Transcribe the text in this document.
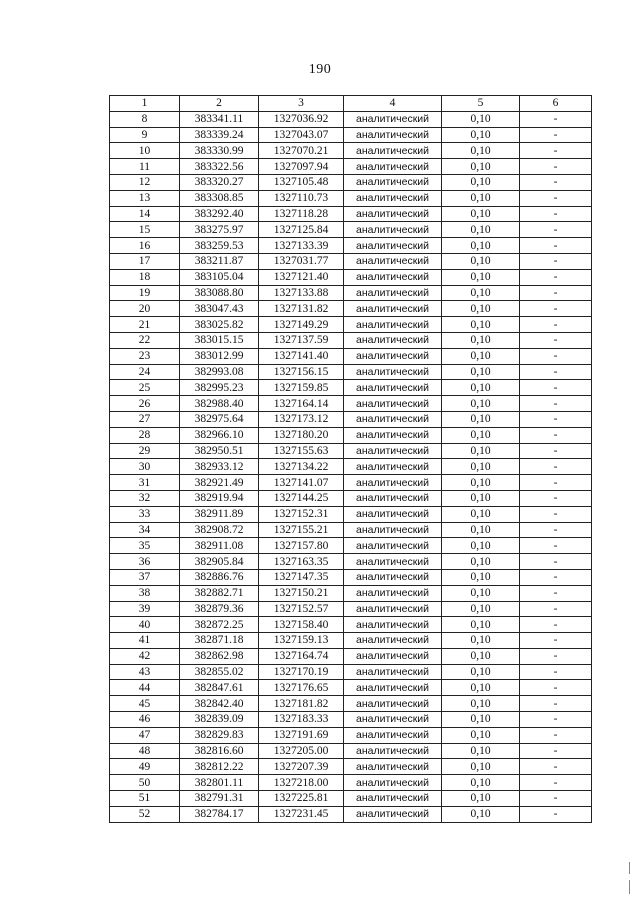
190
1	2	3	4	5	6
8	383341.11	1327036.92	аналитический	0,10	-
9	383339.24	1327043.07	аналитический	0,10	-
10	383330.99	1327070.21	аналитический	0,10	-
11	383322.56	1327097.94	аналитический	0,10	-
12	383320.27	1327105.48	аналитический	0,10	-
13	383308.85	1327110.73	аналитический	0,10	-
14	383292.40	1327118.28	аналитический	0,10	-
15	383275.97	1327125.84	аналитический	0,10	-
16	383259.53	1327133.39	аналитический	0,10	-
17	383211.87	1327031.77	аналитический	0,10	-
18	383105.04	1327121.40	аналитический	0,10	-
19	383088.80	1327133.88	аналитический	0,10	-
20	383047.43	1327131.82	аналитический	0,10	-
21	383025.82	1327149.29	аналитический	0,10	-
22	383015.15	1327137.59	аналитический	0,10	-
23	383012.99	1327141.40	аналитический	0,10	-
24	382993.08	1327156.15	аналитический	0,10	-
25	382995.23	1327159.85	аналитический	0,10	-
26	382988.40	1327164.14	аналитический	0,10	-
27	382975.64	1327173.12	аналитический	0,10	-
28	382966.10	1327180.20	аналитический	0,10	-
29	382950.51	1327155.63	аналитический	0,10	-
30	382933.12	1327134.22	аналитический	0,10	-
31	382921.49	1327141.07	аналитический	0,10	-
32	382919.94	1327144.25	аналитический	0,10	-
33	382911.89	1327152.31	аналитический	0,10	-
34	382908.72	1327155.21	аналитический	0,10	-
35	382911.08	1327157.80	аналитический	0,10	-
36	382905.84	1327163.35	аналитический	0,10	-
37	382886.76	1327147.35	аналитический	0,10	-
38	382882.71	1327150.21	аналитический	0,10	-
39	382879.36	1327152.57	аналитический	0,10	-
40	382872.25	1327158.40	аналитический	0,10	-
41	382871.18	1327159.13	аналитический	0,10	-
42	382862.98	1327164.74	аналитический	0,10	-
43	382855.02	1327170.19	аналитический	0,10	-
44	382847.61	1327176.65	аналитический	0,10	-
45	382842.40	1327181.82	аналитический	0,10	-
46	382839.09	1327183.33	аналитический	0,10	-
47	382829.83	1327191.69	аналитический	0,10	-
48	382816.60	1327205.00	аналитический	0,10	-
49	382812.22	1327207.39	аналитический	0,10	-
50	382801.11	1327218.00	аналитический	0,10	-
51	382791.31	1327225.81	аналитический	0,10	-
52	382784.17	1327231.45	аналитический	0,10	-
